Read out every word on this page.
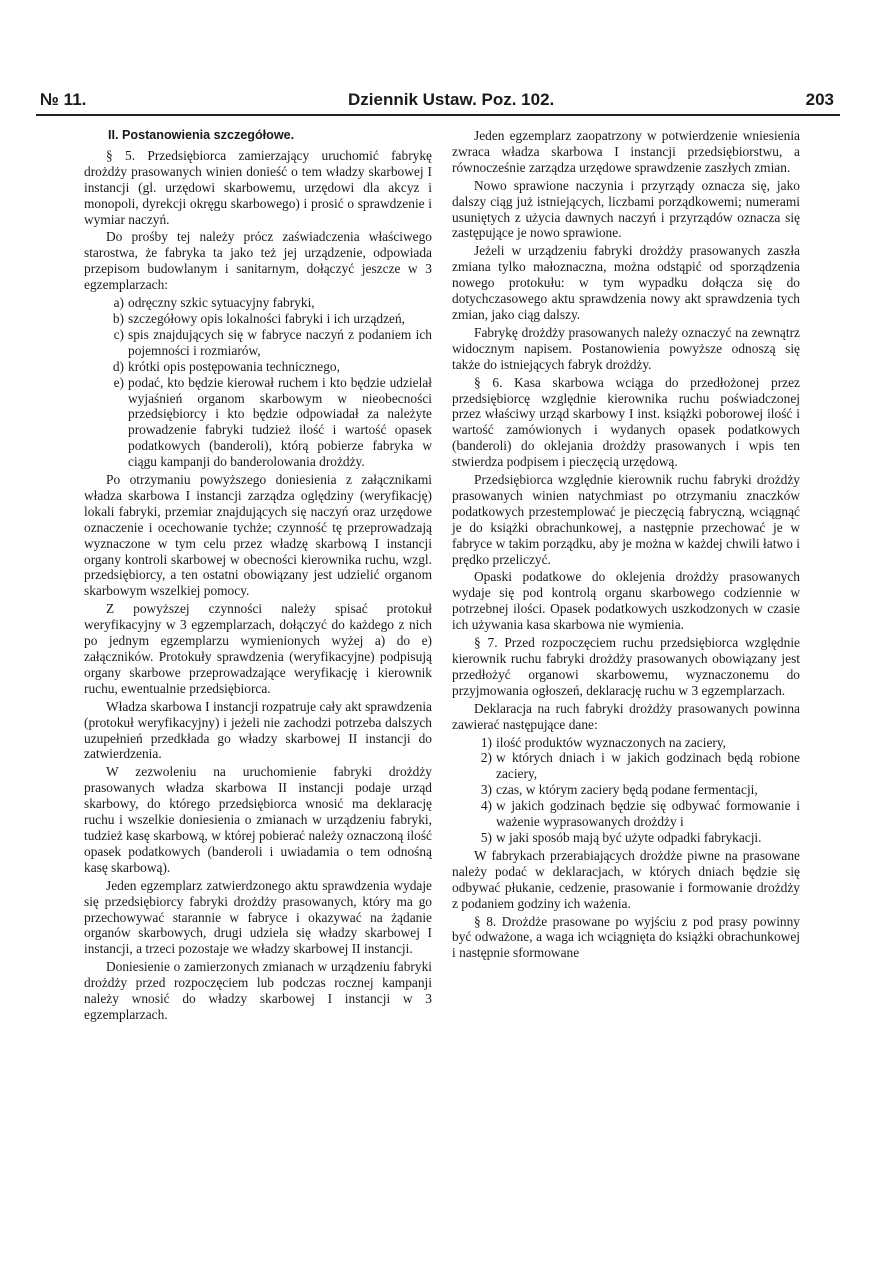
№ 11.	Dziennik Ustaw. Poz. 102.	203

II. Postanowienia szczegółowe.

§ 5. Przedsiębiorca zamierzający uruchomić fabrykę drożdży prasowanych winien donieść o tem władzy skarbowej I instancji (gl. urzędowi skarbowemu, urzędowi dla akcyz i monopoli, dyrekcji okręgu skarbowego) i prosić o sprawdzenie i wymiar naczyń.

Do prośby tej należy prócz zaświadczenia właściwego starostwa, że fabryka ta jako też jej urządzenie, odpowiada przepisom budowlanym i sanitarnym, dołączyć jeszcze w 3 egzemplarzach:

a) odręczny szkic sytuacyjny fabryki,
b) szczegółowy opis lokalności fabryki i ich urządzeń,
c) spis znajdujących się w fabryce naczyń z podaniem ich pojemności i rozmiarów,
d) krótki opis postępowania technicznego,
e) podać, kto będzie kierował ruchem i kto będzie udzielał wyjaśnień organom skarbowym w nieobecności przedsiębiorcy i kto będzie odpowiadał za należyte prowadzenie fabryki tudzież ilość i wartość opasek podatkowych (banderoli), którą pobierze fabryka w ciągu kampanji do banderolowania drożdży.

Po otrzymaniu powyższego doniesienia z załącznikami władza skarbowa I instancji zarządza oględziny (weryfikację) lokali fabryki, przemiar znajdujących się naczyń oraz urzędowe oznaczenie i ocechowanie tychże; czynność tę przeprowadzają wyznaczone w tym celu przez władzę skarbową I instancji organy kontroli skarbowej w obecności kierownika ruchu, wzgl. przedsiębiorcy, a ten ostatni obowiązany jest udzielić organom skarbowym wszelkiej pomocy.

Z powyższej czynności należy spisać protokuł weryfikacyjny w 3 egzemplarzach, dołączyć do każdego z nich po jednym egzemplarzu wymienionych wyżej a) do e) załączników. Protokuły sprawdzenia (weryfikacyjne) podpisują organy skarbowe przeprowadzające weryfikację i kierownik ruchu, ewentualnie przedsiębiorca.

Władza skarbowa I instancji rozpatruje cały akt sprawdzenia (protokuł weryfikacyjny) i jeżeli nie zachodzi potrzeba dalszych uzupełnień przedkłada go władzy skarbowej II instancji do zatwierdzenia.

W zezwoleniu na uruchomienie fabryki drożdży prasowanych władza skarbowa II instancji podaje urząd skarbowy, do którego przedsiębiorca wnosić ma deklarację ruchu i wszelkie doniesienia o zmianach w urządzeniu fabryki, tudzież kasę skarbową, w której pobierać należy oznaczoną ilość opasek podatkowych (banderoli i uwiadamia o tem odnośną kasę skarbową).

Jeden egzemplarz zatwierdzonego aktu sprawdzenia wydaje się przedsiębiorcy fabryki drożdży prasowanych, który ma go przechowywać starannie w fabryce i okazywać na żądanie organów skarbowych, drugi udziela się władzy skarbowej I instancji, a trzeci pozostaje we władzy skarbowej II instancji.

Doniesienie o zamierzonych zmianach w urządzeniu fabryki drożdży przed rozpoczęciem lub podczas rocznej kampanji należy wnosić do władzy skarbowej I instancji w 3 egzemplarzach.

Jeden egzemplarz zaopatrzony w potwierdzenie wniesienia zwraca władza skarbowa I instancji przedsiębiorstwu, a równocześnie zarządza urzędowe sprawdzenie zaszłych zmian.

Nowo sprawione naczynia i przyrządy oznacza się, jako dalszy ciąg już istniejących, liczbami porządkowemi; numerami usuniętych z użycia dawnych naczyń i przyrządów oznacza się zastępujące je nowo sprawione.

Jeżeli w urządzeniu fabryki drożdży prasowanych zaszła zmiana tylko małoznaczna, można odstąpić od sporządzenia nowego protokułu: w tym wypadku dołącza się do dotychczasowego aktu sprawdzenia nowy akt sprawdzenia tych zmian, jako ciąg dalszy.

Fabrykę drożdży prasowanych należy oznaczyć na zewnątrz widocznym napisem. Postanowienia powyższe odnoszą się także do istniejących fabryk drożdży.

§ 6. Kasa skarbowa wciąga do przedłożonej przez przedsiębiorcę względnie kierownika ruchu poświadczonej przez właściwy urząd skarbowy I inst. książki poborowej ilość i wartość zamówionych i wydanych opasek podatkowych (banderoli) do oklejania drożdży prasowanych i wpis ten stwierdza podpisem i pieczęcią urzędową.

Przedsiębiorca względnie kierownik ruchu fabryki drożdży prasowanych winien natychmiast po otrzymaniu znaczków podatkowych przestemplować je pieczęcią fabryczną, wciągnąć je do książki obrachunkowej, a następnie przechować je w fabryce w takim porządku, aby je można w każdej chwili łatwo i prędko przeliczyć.

Opaski podatkowe do oklejenia drożdży prasowanych wydaje się pod kontrolą organu skarbowego codziennie w potrzebnej ilości. Opasek podatkowych uszkodzonych w czasie ich używania kasa skarbowa nie wymienia.

§ 7. Przed rozpoczęciem ruchu przedsiębiorca względnie kierownik ruchu fabryki drożdży prasowanych obowiązany jest przedłożyć organowi skarbowemu, wyznaczonemu do przyjmowania ogłoszeń, deklarację ruchu w 3 egzemplarzach.

Deklaracja na ruch fabryki drożdży prasowanych powinna zawierać następujące dane:

1) ilość produktów wyznaczonych na zaciery,
2) w których dniach i w jakich godzinach będą robione zaciery,
3) czas, w którym zaciery będą podane fermentacji,
4) w jakich godzinach będzie się odbywać formowanie i ważenie wyprasowanych drożdży i
5) w jaki sposób mają być użyte odpadki fabrykacji.

W fabrykach przerabiających drożdże piwne na prasowane należy podać w deklaracjach, w których dniach będzie się odbywać płukanie, cedzenie, prasowanie i formowanie drożdży z podaniem godziny ich ważenia.

§ 8. Drożdże prasowane po wyjściu z pod prasy powinny być odważone, a waga ich wciągnięta do książki obrachunkowej i następnie sformowane
